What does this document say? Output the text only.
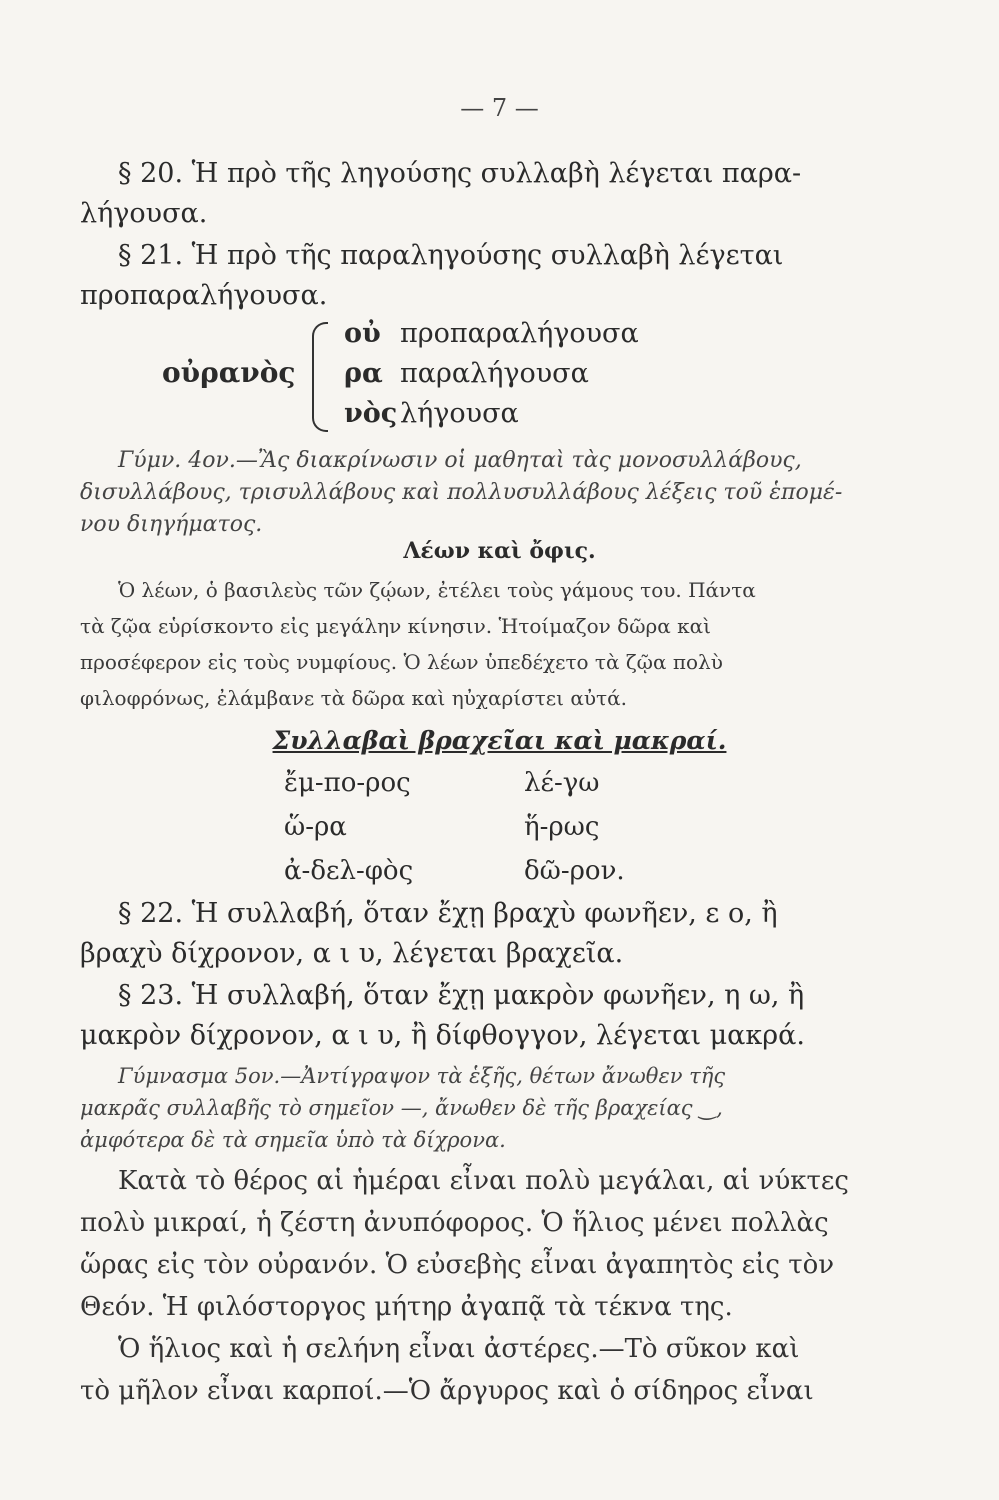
— 7 —
§ 20. Ἡ πρὸ τῆς ληγούσης συλλαβὴ λέγεται παρα-
λήγουσα.
§ 21. Ἡ πρὸ τῆς παραληγούσης συλλαβὴ λέγεται
προπαραλήγουσα.
οὐρανὸς
οὐ προπαραλήγουσα
ρα παραλήγουσα
νὸς λήγουσα
Γύμν. 4ον.—Ἂς διακρίνωσιν οἱ μαθηταὶ τὰς μονοσυλλάβους,
δισυλλάβους, τρισυλλάβους καὶ πολλυσυλλάβους λέξεις τοῦ ἑπομέ-
νου διηγήματος.
Λέων καὶ ὄφις.
Ὁ λέων, ὁ βασιλεὺς τῶν ζῴων, ἐτέλει τοὺς γάμους του. Πάντα
τὰ ζῷα εὑρίσκοντο εἰς μεγάλην κίνησιν. Ἡτοίμαζον δῶρα καὶ
προσέφερον εἰς τοὺς νυμφίους. Ὁ λέων ὑπεδέχετο τὰ ζῷα πολὺ
φιλοφρόνως, ἐλάμβανε τὰ δῶρα καὶ ηὐχαρίστει αὐτά.
Συλλαβαὶ βραχεῖαι καὶ μακραί.
ἔμ-πο-ρος
ὥ-ρα
ἀ-δελ-φὸς
λέ-γω
ἥ-ρως
δῶ-ρον.
§ 22. Ἡ συλλαβή, ὅταν ἔχῃ βραχὺ φωνῆεν, ε ο, ἢ
βραχὺ δίχρονον, α ι υ, λέγεται βραχεῖα.
§ 23. Ἡ συλλαβή, ὅταν ἔχῃ μακρὸν φωνῆεν, η ω, ἢ
μακρὸν δίχρονον, α ι υ, ἢ δίφθογγον, λέγεται μακρά.
Γύμνασμα 5ον.—Ἀντίγραψον τὰ ἑξῆς, θέτων ἄνωθεν τῆς
μακρᾶς συλλαβῆς τὸ σημεῖον —, ἄνωθεν δὲ τῆς βραχείας ‿,
ἀμφότερα δὲ τὰ σημεῖα ὑπὸ τὰ δίχρονα.
Κατὰ τὸ θέρος αἱ ἡμέραι εἶναι πολὺ μεγάλαι, αἱ νύκτες
πολὺ μικραί, ἡ ζέστη ἀνυπόφορος. Ὁ ἥλιος μένει πολλὰς
ὥρας εἰς τὸν οὐρανόν. Ὁ εὐσεβὴς εἶναι ἀγαπητὸς εἰς τὸν
Θεόν. Ἡ φιλόστοργος μήτηρ ἀγαπᾷ τὰ τέκνα της.
Ὁ ἥλιος καὶ ἡ σελήνη εἶναι ἀστέρες.—Τὸ σῦκον καὶ
τὸ μῆλον εἶναι καρποί.—Ὁ ἄργυρος καὶ ὁ σίδηρος εἶναι
